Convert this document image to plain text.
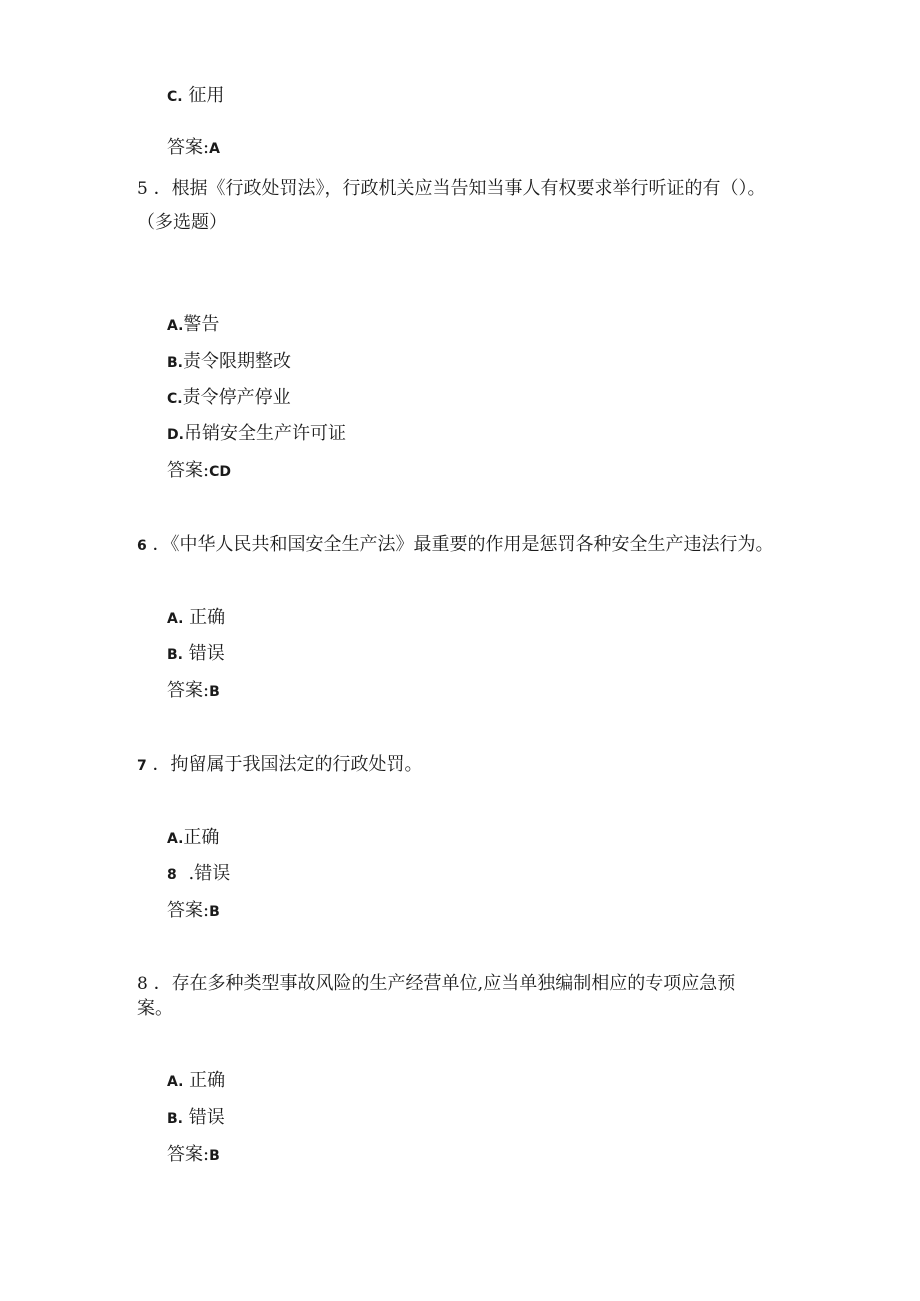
C. 征用
答案:A
5 ．根据《行政处罚法》，行政机关应当告知当事人有权要求举行听证的有（）。
（多选题）
A.警告
B.责令限期整改
C.责令停产停业
D.吊销安全生产许可证
答案:CD
6 ．《中华人民共和国安全生产法》最重要的作用是惩罚各种安全生产违法行为。
A. 正确
B. 错误
答案:B
7 ．拘留属于我国法定的行政处罚。
A.正确
8 .错误
答案:B
8 ．存在多种类型事故风险的生产经营单位,应当单独编制相应的专项应急预
案。
A. 正确
B. 错误
答案:B
